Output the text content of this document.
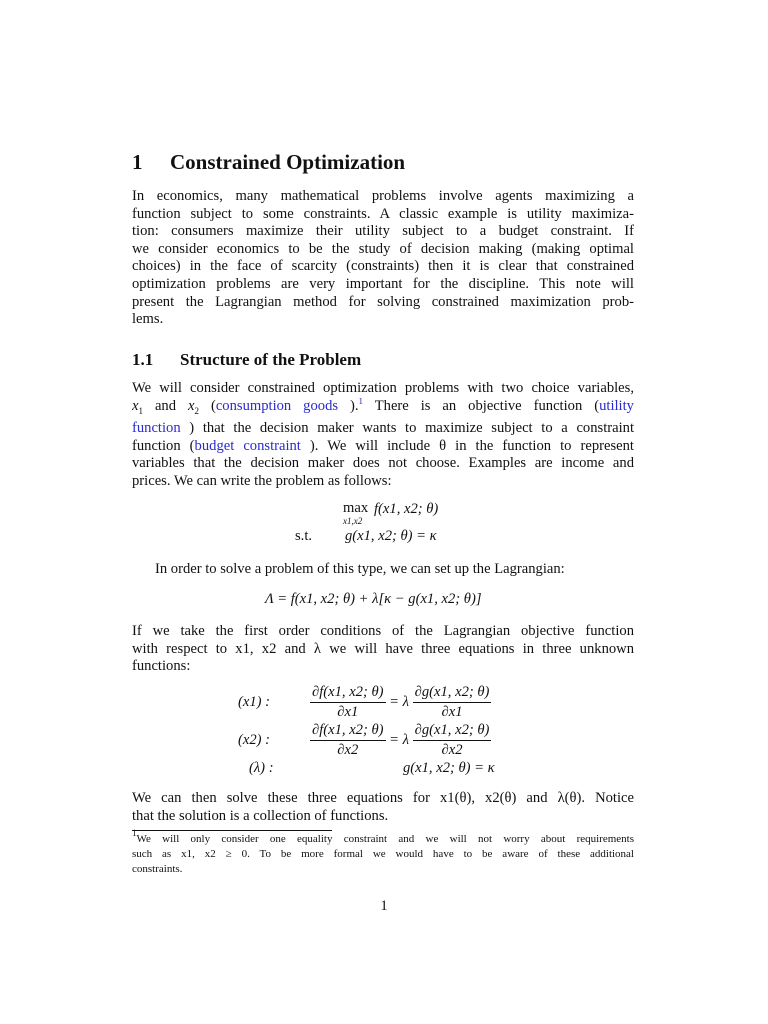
1 Constrained Optimization
In economics, many mathematical problems involve agents maximizing a
function subject to some constraints. A classic example is utility maximiza-
tion: consumers maximize their utility subject to a budget constraint. If
we consider economics to be the study of decision making (making optimal
choices) in the face of scarcity (constraints) then it is clear that constrained
optimization problems are very important for the discipline. This note will
present the Lagrangian method for solving constrained maximization prob-
lems.
1.1 Structure of the Problem
We will consider constrained optimization problems with two choice variables,
$x_1$ and $x_2$ (consumption goods ).$^1$ There is an objective function (utility
function ) that the decision maker wants to maximize subject to a constraint
function (budget constraint ). We will include θ in the function to represent
variables that the decision maker does not choose. Examples are income and
prices. We can write the problem as follows:
max
x1,x2
f(x1, x2; θ)
s.t. g(x1, x2; θ) = κ
In order to solve a problem of this type, we can set up the Lagrangian:
Λ = f(x1, x2; θ) + λ[κ − g(x1, x2; θ)]
If we take the first order conditions of the Lagrangian objective function
with respect to x1, x2 and λ we will have three equations in three unknown
functions:
(x1) :	$\frac{\partial f(x1, x2; \theta)}{\partial x1} = \lambda \frac{\partial g(x1, x2; \theta)}{\partial x1}$
(x2) :	$\frac{\partial f(x1, x2; \theta)}{\partial x2} = \lambda \frac{\partial g(x1, x2; \theta)}{\partial x2}$
(λ) :	g(x1, x2; θ) = κ
We can then solve these three equations for x1(θ), x2(θ) and λ(θ). Notice
that the solution is a collection of functions.
$^1$We will only consider one equality constraint and we will not worry about requirements
such as x1, x2 ≥ 0. To be more formal we would have to be aware of these additional
constraints.
1
